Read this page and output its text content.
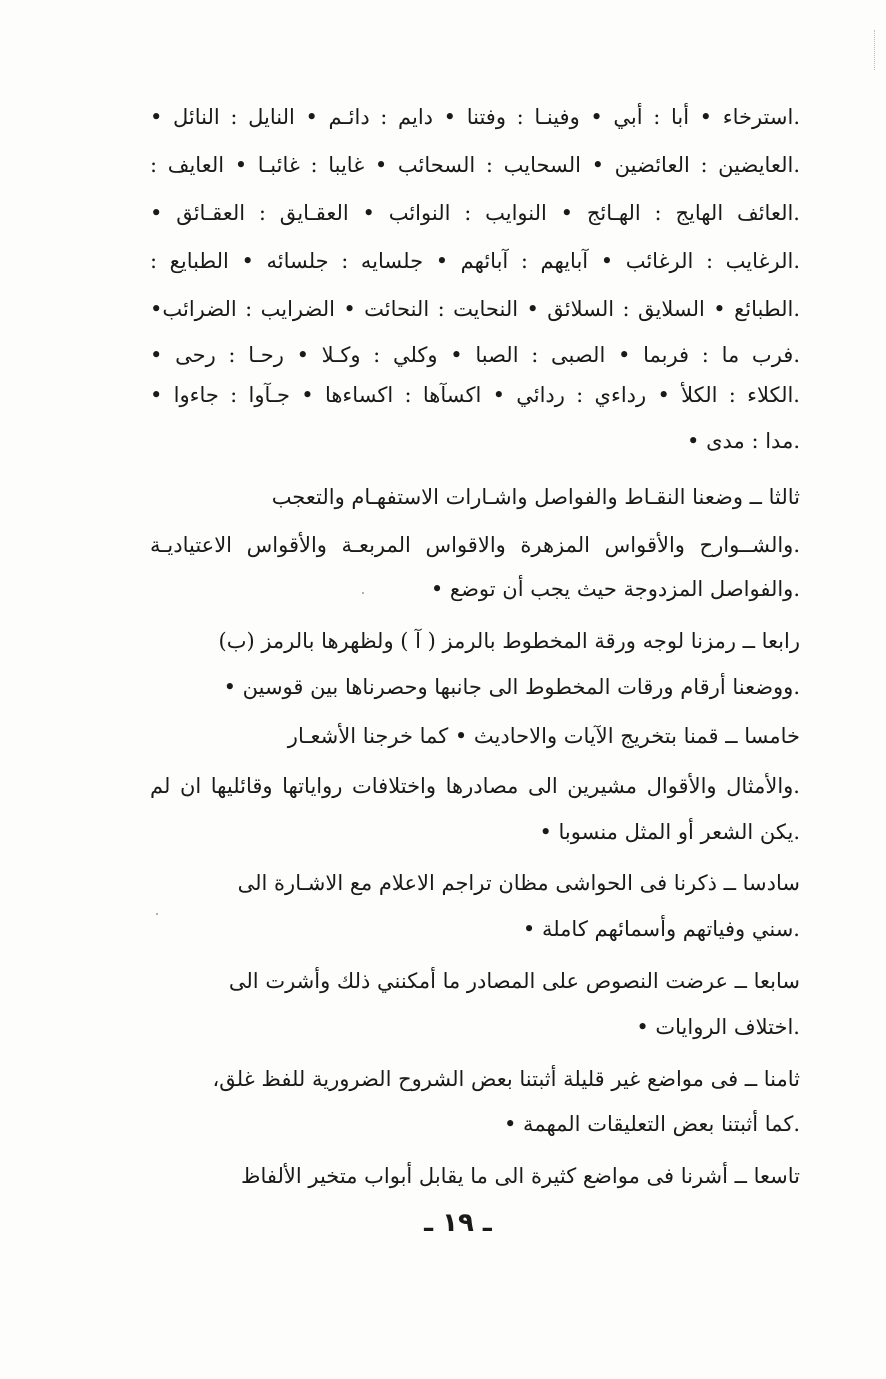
.استرخاء • أبا : أبي • وفينـا : وفتنا • دايم : دائـم • النايل : النائل •
.العايضين : العائضين • السحايب : السحائب • غايبا : غائبـا • العايف :
.العائف الهايج : الهـائج • النوايب : النوائب • العقـايق : العقـائق •
.الرغايب : الرغائب • آبايهم : آبائهم • جلسايه : جلسائه • الطبايع :
.الطبائع • السلايق : السلائق • النحايت : النحائت • الضرايب : الضرائب•
.فرب ما : فربما • الصبى : الصبا • وكلي : وكـلا • رحـا : رحى •
.الكلاء : الكلأ • رداءي : ردائي • اكسآها : اكساءها • جـآوا : جاءوا •
.مدا : مدى •
ثالثا ــ وضعنا النقـاط والفواصل واشـارات الاستفهـام والتعجب
.والشــوارح والأقواس المزهرة والاقواس المربعـة والأقواس الاعتياديـة
.والفواصل المزدوجة حيث يجب أن توضع •
رابعا ــ رمزنا لوجه ورقة المخطوط بالرمز ( آ ) ولظهرها بالرمز (ب)
.ووضعنا أرقام ورقات المخطوط الى جانبها وحصرناها بين قوسين •
خامسا ــ قمنا بتخريج الآيات والاحاديث • كما خرجنا الأشعـار
.والأمثال والأقوال مشيرين الى مصادرها واختلافات رواياتها وقائليها ان لم
.يكن الشعر أو المثل منسوبا •
سادسا ــ ذكرنا فى الحواشى مظان تراجم الاعلام مع الاشـارة الى
.سني وفياتهم وأسمائهم كاملة •
سابعا ــ عرضت النصوص على المصادر ما أمكنني ذلك وأشرت الى
.اختلاف الروايات •
ثامنا ــ فى مواضع غير قليلة أثبتنا بعض الشروح الضرورية للفظ غلق،
.كما أثبتنا بعض التعليقات المهمة •
تاسعا ــ أشرنا فى مواضع كثيرة الى ما يقابل أبواب متخير الألفاظ
ـ ١٩ ـ
